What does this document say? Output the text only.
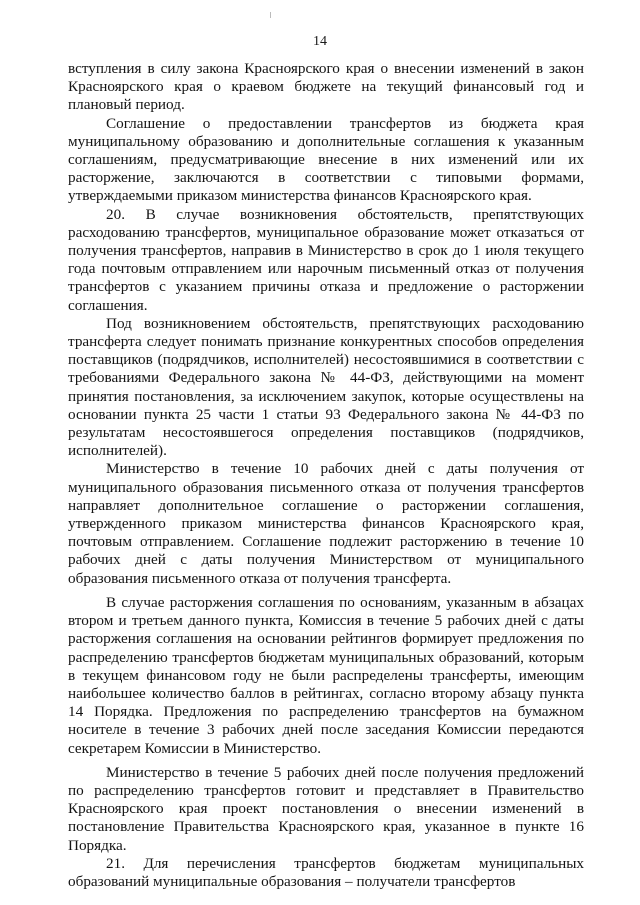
14

вступления в силу закона Красноярского края о внесении изменений в закон Красноярского края о краевом бюджете на текущий финансовый год и плановый период.

Соглашение о предоставлении трансфертов из бюджета края муниципальному образованию и дополнительные соглашения к указанным соглашениям, предусматривающие внесение в них изменений или их расторжение, заключаются в соответствии с типовыми формами, утверждаемыми приказом министерства финансов Красноярского края.

20. В случае возникновения обстоятельств, препятствующих расходованию трансфертов, муниципальное образование может отказаться от получения трансфертов, направив в Министерство в срок до 1 июля текущего года почтовым отправлением или нарочным письменный отказ от получения трансфертов с указанием причины отказа и предложение о расторжении соглашения.

Под возникновением обстоятельств, препятствующих расходованию трансферта следует понимать признание конкурентных способов определения поставщиков (подрядчиков, исполнителей) несостоявшимися в соответствии с требованиями Федерального закона № 44-ФЗ, действующими на момент принятия постановления, за исключением закупок, которые осуществлены на основании пункта 25 части 1 статьи 93 Федерального закона № 44-ФЗ по результатам несостоявшегося определения поставщиков (подрядчиков, исполнителей).

Министерство в течение 10 рабочих дней с даты получения от муниципального образования письменного отказа от получения трансфертов направляет дополнительное соглашение о расторжении соглашения, утвержденного приказом министерства финансов Красноярского края, почтовым отправлением. Соглашение подлежит расторжению в течение 10 рабочих дней с даты получения Министерством от муниципального образования письменного отказа от получения трансферта.

В случае расторжения соглашения по основаниям, указанным в абзацах втором и третьем данного пункта, Комиссия в течение 5 рабочих дней с даты расторжения соглашения на основании рейтингов формирует предложения по распределению трансфертов бюджетам муниципальных образований, которым в текущем финансовом году не были распределены трансферты, имеющим наибольшее количество баллов в рейтингах, согласно второму абзацу пункта 14 Порядка. Предложения по распределению трансфертов на бумажном носителе в течение 3 рабочих дней после заседания Комиссии передаются секретарем Комиссии в Министерство.

Министерство в течение 5 рабочих дней после получения предложений по распределению трансфертов готовит и представляет в Правительство Красноярского края проект постановления о внесении изменений в постановление Правительства Красноярского края, указанное в пункте 16 Порядка.

21. Для перечисления трансфертов бюджетам муниципальных образований муниципальные образования – получатели трансфертов
